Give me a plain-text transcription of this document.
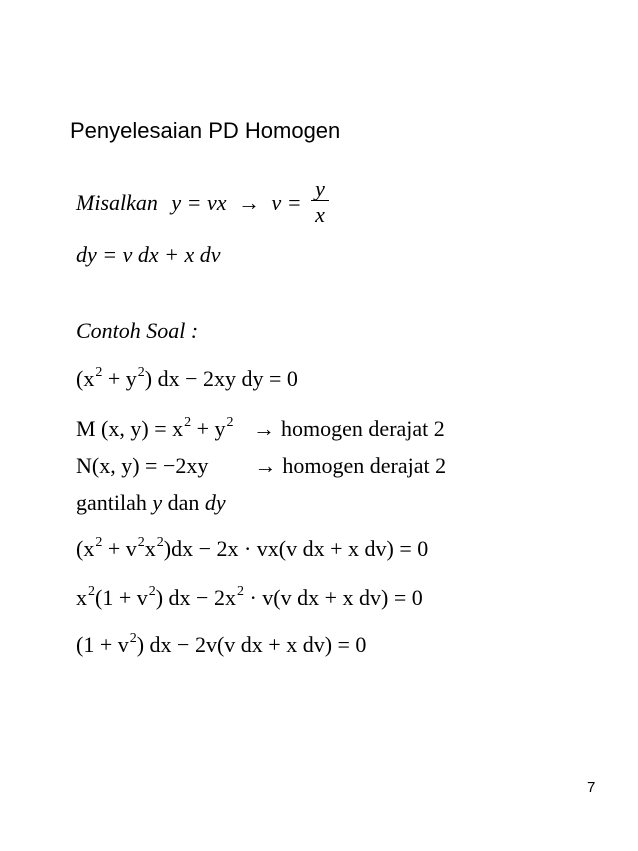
Penyelesaian PD Homogen
Misalkan y = vx → $v = \frac{y}{x}$
dy = v dx + x dv
Contoh Soal :
$(x^2 + y^2)$ dx − 2xy dy = 0
M (x, $y) = x^2 + y^2$ → homogen derajat 2
N(x, y) = −2xy → homogen derajat 2
gantilah y dan dy
$(x^2 + v^2x^2)dx - 2x \cdot vx(v$ dx + x dv) = 0
$x^2(1 + v^2)$ dx − $2x^2 \cdot v(v$ dx + x dv) = 0
$(1 + v^2)$ dx − 2v(v dx + x dv) = 0
7
